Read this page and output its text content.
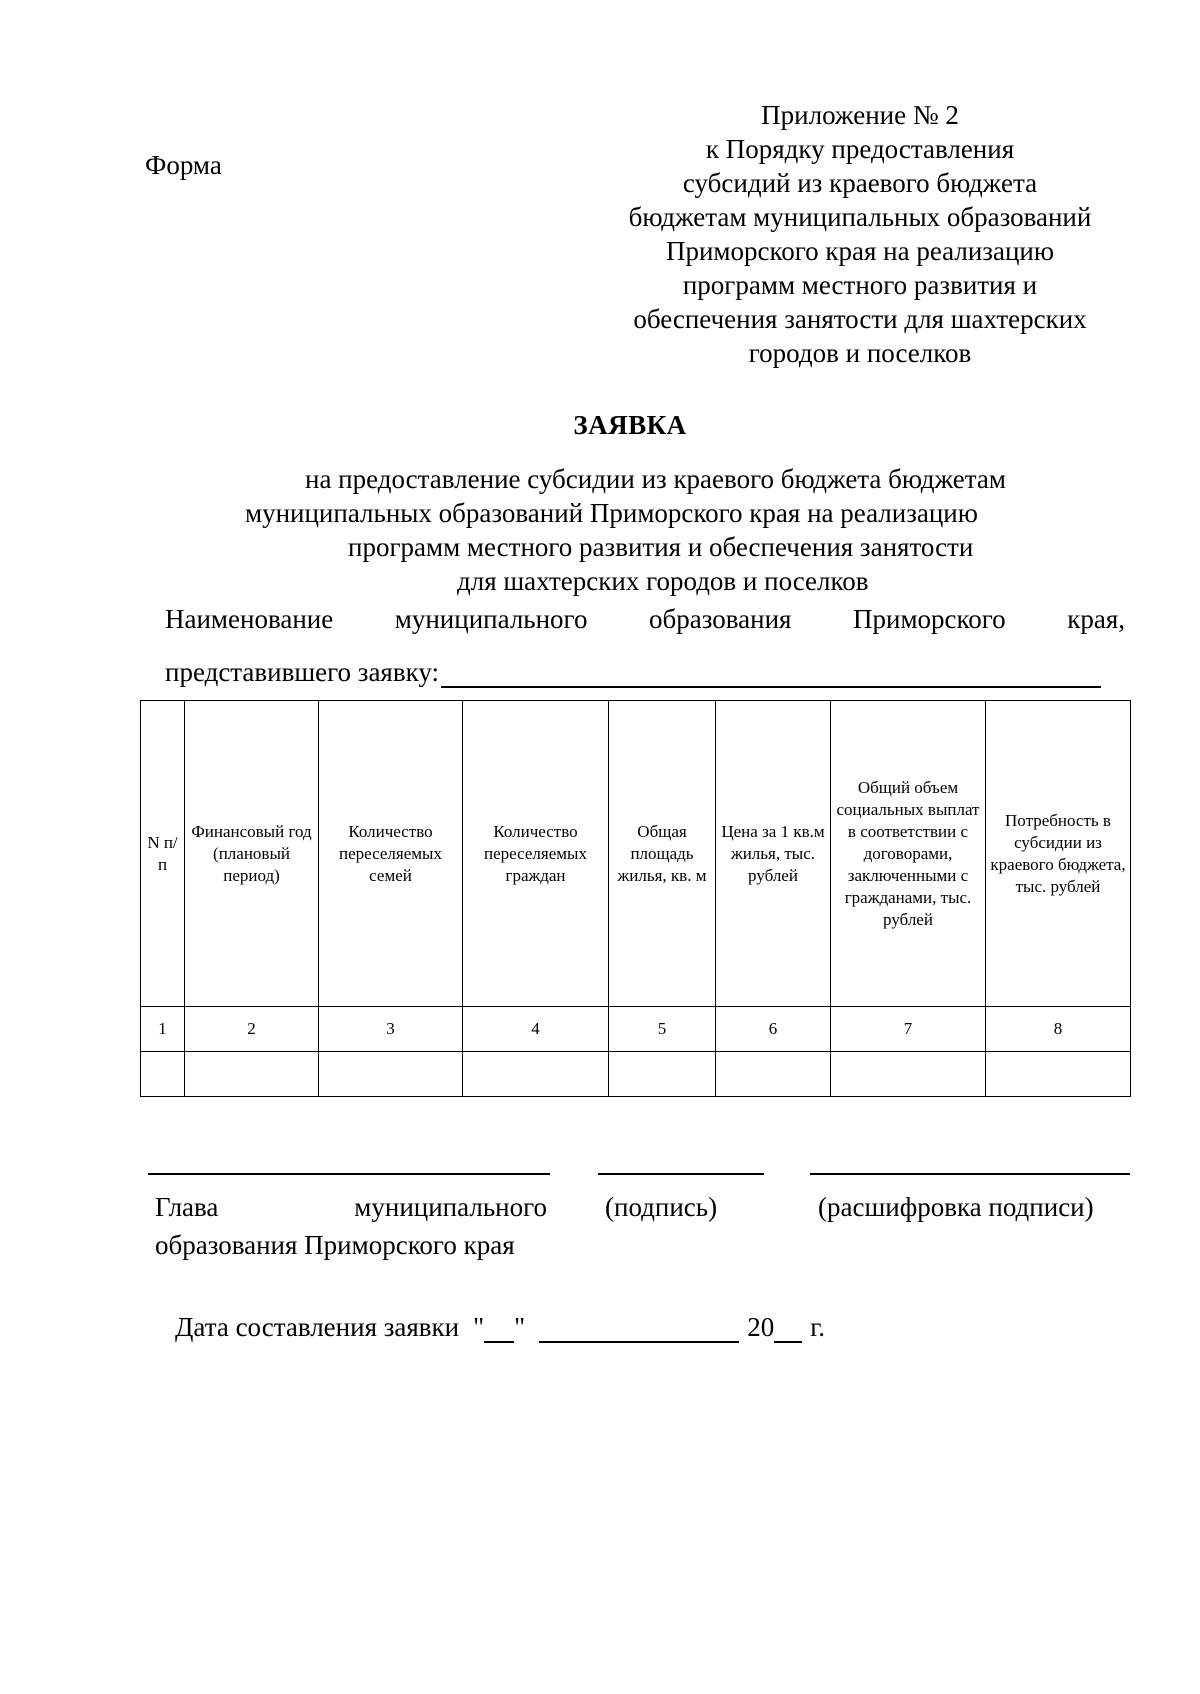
Форма
Приложение № 2
к Порядку предоставления
субсидий из краевого бюджета
бюджетам муниципальных образований
Приморского края на реализацию
программ местного развития и
обеспечения занятости для шахтерских
городов и поселков
ЗАЯВКА
на предоставление субсидии из краевого бюджета бюджетам
муниципальных образований Приморского края на реализацию
программ местного развития и обеспечения занятости
для шахтерских городов и поселков
Наименование муниципального образования Приморского края,
представившего заявку:
N п/п	Финансовый год (плановый период)	Количество переселяемых семей	Количество переселяемых граждан	Общая площадь жилья, кв. м	Цена за 1 кв.м жилья, тыс. рублей	Общий объем социальных выплат в соответствии с договорами, заключенными с гражданами, тыс. рублей	Потребность в субсидии из краевого бюджета, тыс. рублей
1	2	3	4	5	6	7	8

Глава	муниципального
образования Приморского края
(подпись)	(расшифровка подписи)
Дата составления заявки " "	20 г.
